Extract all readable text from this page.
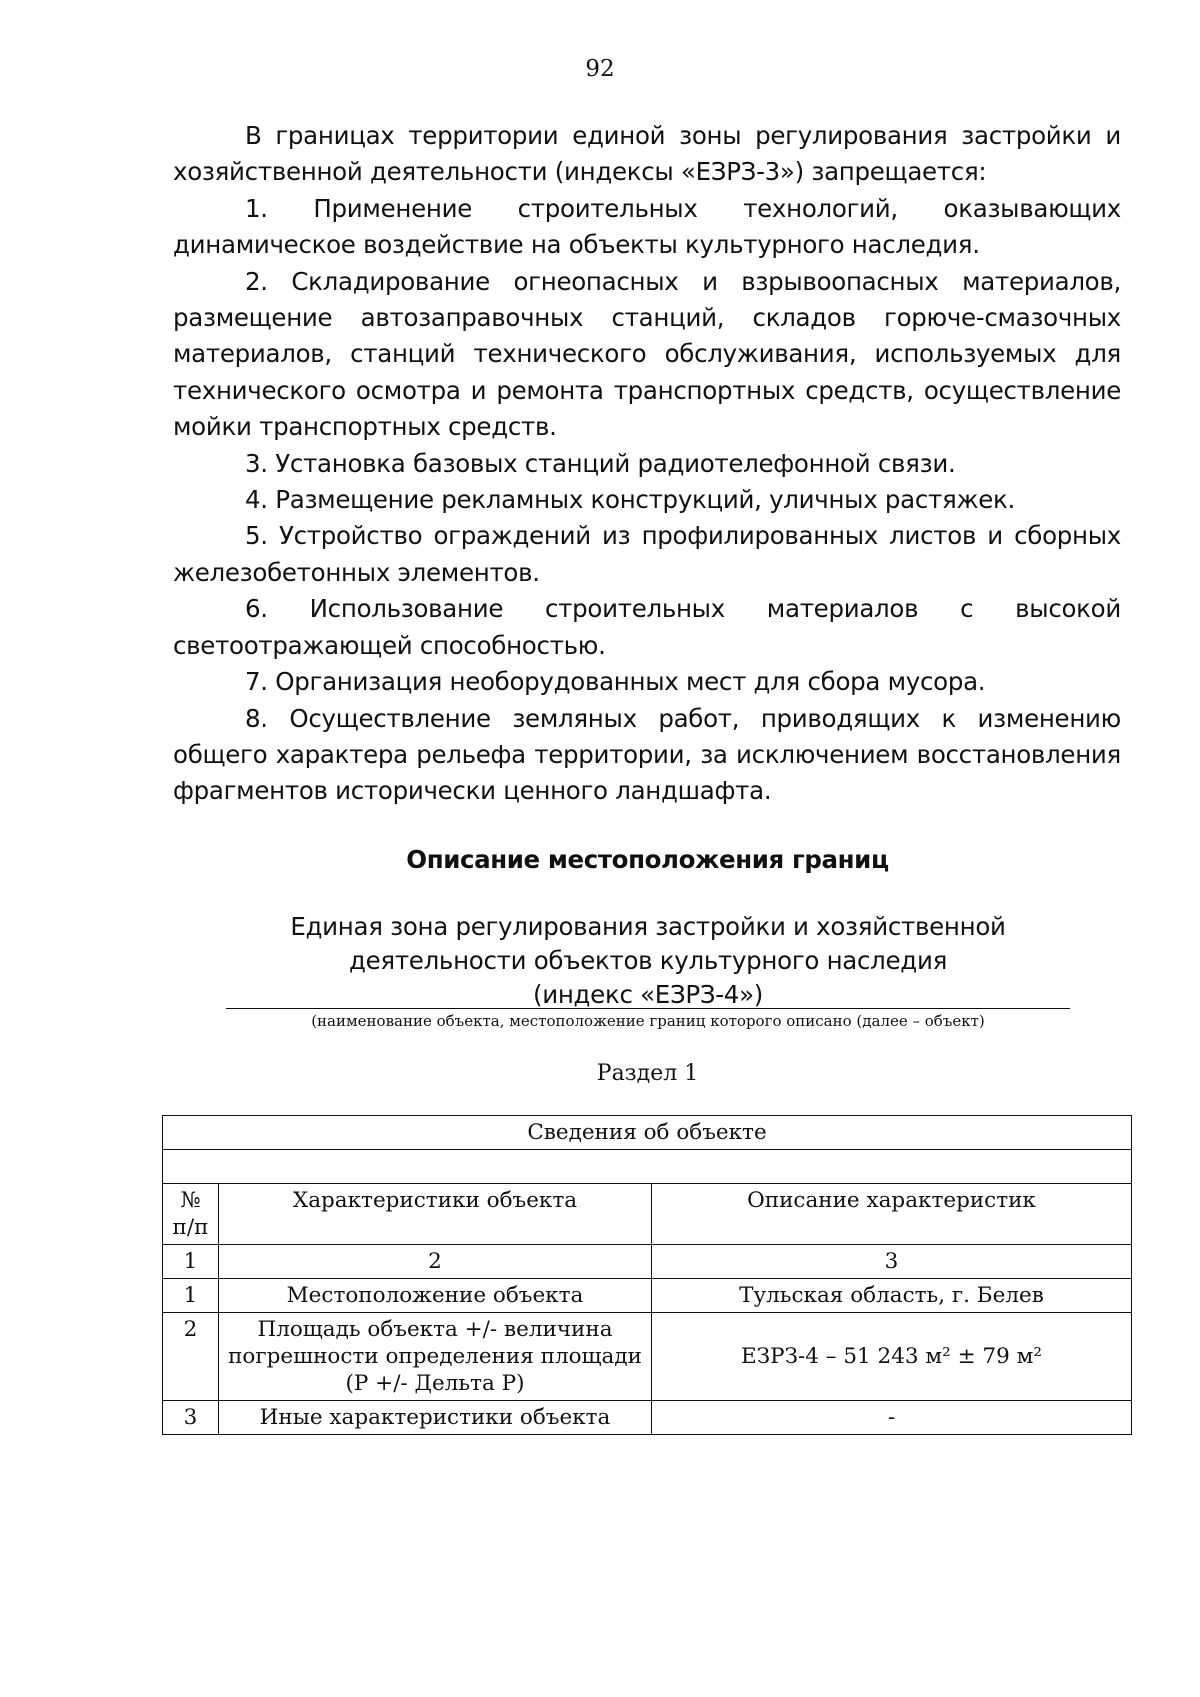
92

В границах территории единой зоны регулирования застройки и хозяйственной деятельности (индексы «ЕЗРЗ-3») запрещается:

1. Применение строительных технологий, оказывающих динамическое воздействие на объекты культурного наследия.

2. Складирование огнеопасных и взрывоопасных материалов, размещение автозаправочных станций, складов горюче-смазочных материалов, станций технического обслуживания, используемых для технического осмотра и ремонта транспортных средств, осуществление мойки транспортных средств.

3. Установка базовых станций радиотелефонной связи.

4. Размещение рекламных конструкций, уличных растяжек.

5. Устройство ограждений из профилированных листов и сборных железобетонных элементов.

6. Использование строительных материалов с высокой светоотражающей способностью.

7. Организация необорудованных мест для сбора мусора.

8. Осуществление земляных работ, приводящих к изменению общего характера рельефа территории, за исключением восстановления фрагментов исторически ценного ландшафта.

Описание местоположения границ
Единая зона регулирования застройки и хозяйственной
деятельности объектов культурного наследия
(индекс «ЕЗРЗ-4»)
(наименование объекта, местоположение границ которого описано (далее – объект)
Раздел 1
Сведения об объекте		

№ п/п	Характеристики объекта	Описание характеристик
1	2	3
1	Местоположение объекта	Тульская область, г. Белев
2	Площадь объекта +/- величина погрешности определения площади (Р +/- Дельта Р)	ЕЗРЗ-4 – 51 243 м² ± 79 м²
3	Иные характеристики объекта	-
